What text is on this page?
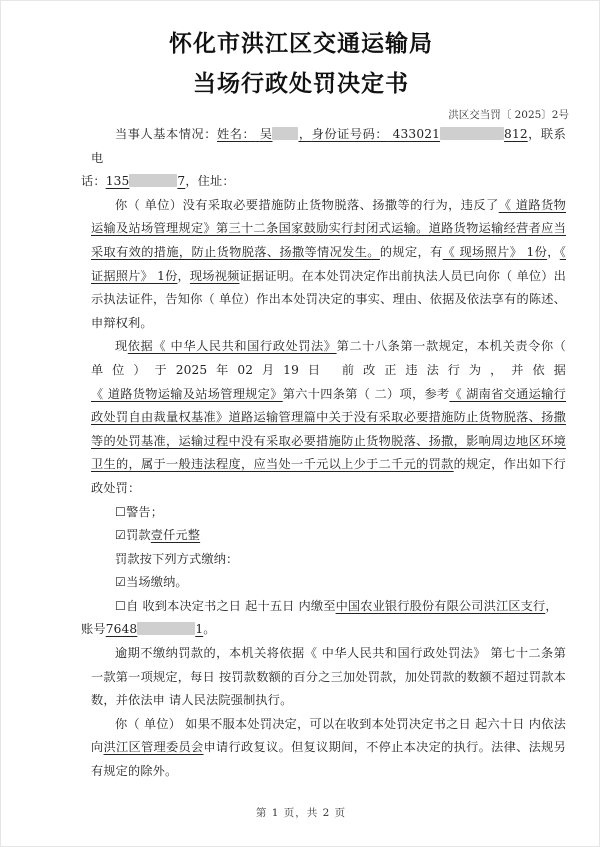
怀化市洪江区交通运输局
当场行政处罚决定书
洪区交当罚〔 2025〕2号

当事人基本情况：姓名： 吴 ，身份证号码： 433021	812，联系电
话：135	7，住址：

你（ 单位）没有采取必要措施防止货物脱落、扬撒等的行为，违反了《 道路货物运输及站场管理规定》第三十二条国家鼓励实行封闭式运输。道路货物运输经营者应当采取有效的措施，防止货物脱落、扬撒等情况发生。的规定，有《 现场照片》 1份，《 证据照片》 1份，现场视频证据证明。在本处罚决定作出前执法人员已向你（ 单位）出示执法证件，告知你（ 单位）作出本处罚决定的事实、理由、依据及依法享有的陈述、申辩权利。

现依据《 中华人民共和国行政处罚法》第二十八条第一款规定，本机关责令你（ 单位）于2025年02月19日 前改正违法行为，并依据《 道路货物运输及站场管理规定》第六十四条第（ 二）项，参考《 湖南省交通运输行政处罚自由裁量权基准》道路运输管理篇中关于没有采取必要措施防止货物脱落、扬撒等的处罚基准，运输过程中没有采取必要措施防止货物脱落、扬撒，影响周边地区环境卫生的，属于一般违法程度，应当处一千元以上少于二千元的罚款的规定，作出如下行政处罚：

☐警告；

☑罚款壹仟元整

罚款按下列方式缴纳：

☑当场缴纳。

☐自 收到本决定书之日 起十五日 内缴至中国农业银行股份有限公司洪江区支行，
账号7648	1。

逾期不缴纳罚款的，本机关将依据《 中华人民共和国行政处罚法》 第七十二条第一款第一项规定，每日 按罚款数额的百分之三加处罚款，加处罚款的数额不超过罚款本数，并依法申 请人民法院强制执行。

你（ 单位） 如果不服本处罚决定，可以在收到本处罚决定书之日 起六十日 内依法向洪江区管理委员会申请行政复议。但复议期间，不停止本决定的执行。法律、法规另有规定的除外。

第 1 页，共 2 页
